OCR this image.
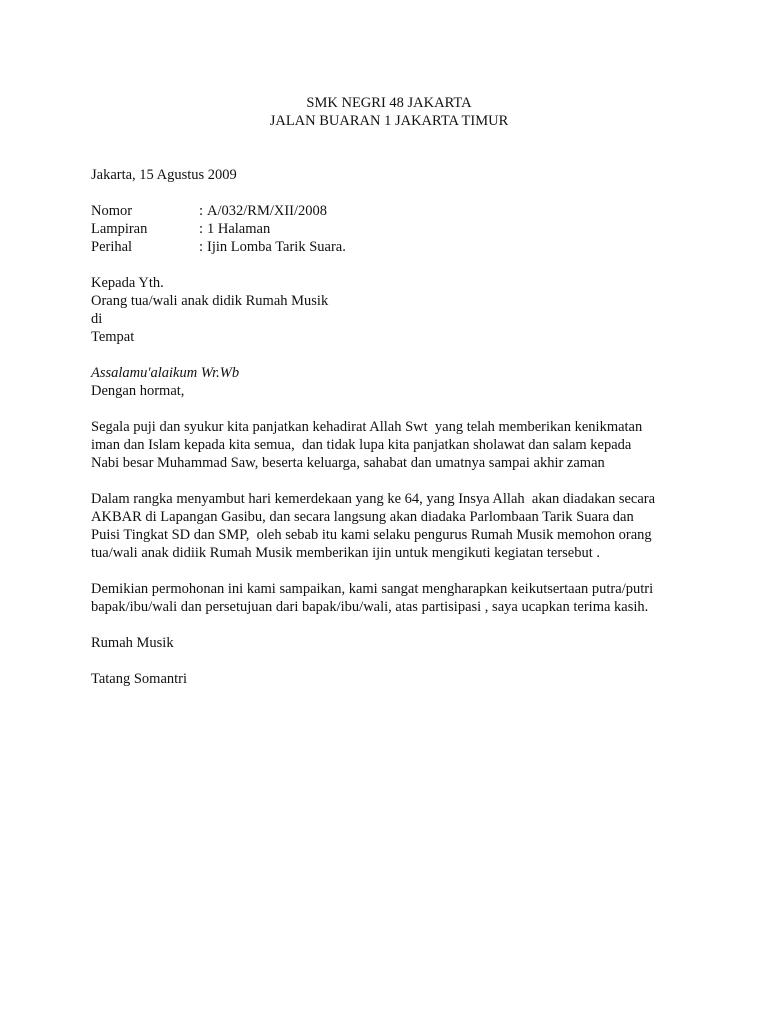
SMK NEGRI 48 JAKARTA
JALAN BUARAN 1 JAKARTA TIMUR
Jakarta, 15 Agustus 2009
Nomor	: A/032/RM/XII/2008
Lampiran	: 1 Halaman
Perihal	: Ijin Lomba Tarik Suara.
Kepada Yth.
Orang tua/wali anak didik Rumah Musik
di
Tempat
Assalamu'alaikum Wr.Wb
Dengan hormat,
Segala puji dan syukur kita panjatkan kehadirat Allah Swt  yang telah memberikan kenikmatan
iman dan Islam kepada kita semua,  dan tidak lupa kita panjatkan sholawat dan salam kepada
Nabi besar Muhammad Saw, beserta keluarga, sahabat dan umatnya sampai akhir zaman
Dalam rangka menyambut hari kemerdekaan yang ke 64, yang Insya Allah  akan diadakan secara
AKBAR di Lapangan Gasibu, dan secara langsung akan diadaka Parlombaan Tarik Suara dan
Puisi Tingkat SD dan SMP,  oleh sebab itu kami selaku pengurus Rumah Musik memohon orang
tua/wali anak didiik Rumah Musik memberikan ijin untuk mengikuti kegiatan tersebut .
Demikian permohonan ini kami sampaikan, kami sangat mengharapkan keikutsertaan putra/putri
bapak/ibu/wali dan persetujuan dari bapak/ibu/wali, atas partisipasi , saya ucapkan terima kasih.
Rumah Musik
Tatang Somantri
